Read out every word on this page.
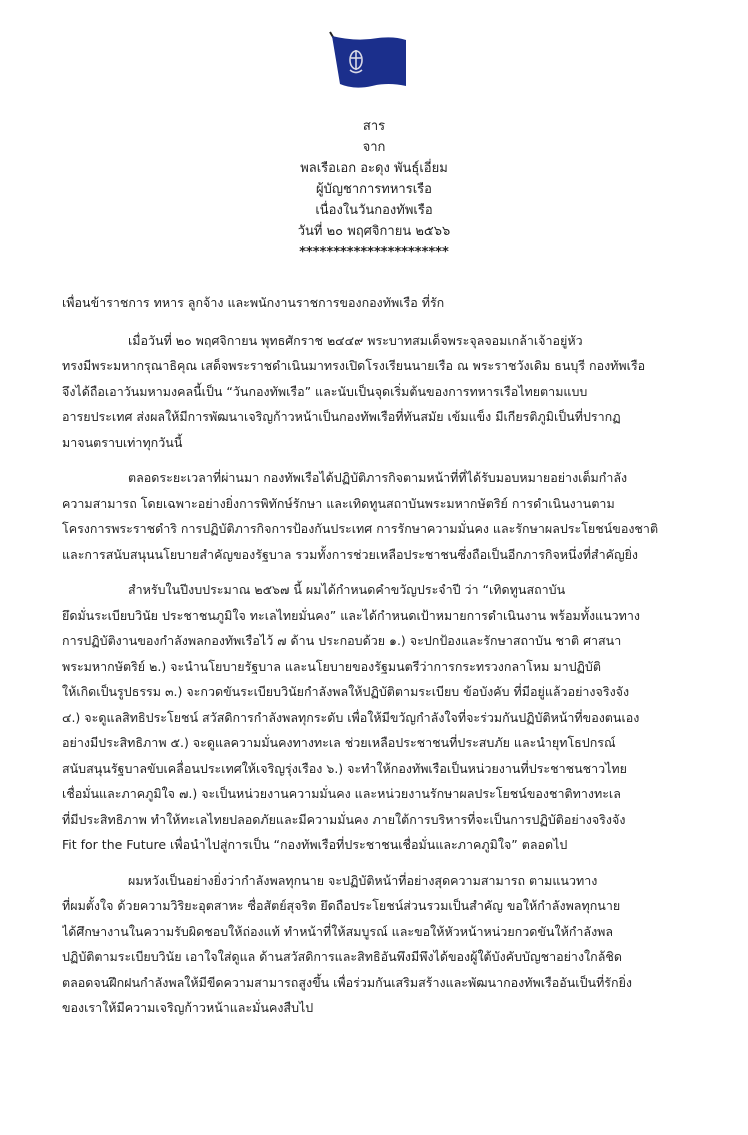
สาร
จาก
พลเรือเอก อะดุง พันธุ์เอี่ยม
ผู้บัญชาการทหารเรือ
เนื่องในวันกองทัพเรือ
วันที่ ๒๐ พฤศจิกายน ๒๕๖๖
**********************
เพื่อนข้าราชการ ทหาร ลูกจ้าง และพนักงานราชการของกองทัพเรือ ที่รัก
เมื่อวันที่ ๒๐ พฤศจิกายน พุทธศักราช ๒๔๔๙ พระบาทสมเด็จพระจุลจอมเกล้าเจ้าอยู่หัว
ทรงมีพระมหากรุณาธิคุณ เสด็จพระราชดำเนินมาทรงเปิดโรงเรียนนายเรือ ณ พระราชวังเดิม ธนบุรี กองทัพเรือ
จึงได้ถือเอาวันมหามงคลนี้เป็น “วันกองทัพเรือ” และนับเป็นจุดเริ่มต้นของการทหารเรือไทยตามแบบ
อารยประเทศ ส่งผลให้มีการพัฒนาเจริญก้าวหน้าเป็นกองทัพเรือที่ทันสมัย เข้มแข็ง มีเกียรติภูมิเป็นที่ปรากฏ
มาจนตราบเท่าทุกวันนี้
ตลอดระยะเวลาที่ผ่านมา กองทัพเรือได้ปฏิบัติภารกิจตามหน้าที่ที่ได้รับมอบหมายอย่างเต็มกำลัง
ความสามารถ โดยเฉพาะอย่างยิ่งการพิทักษ์รักษา และเทิดทูนสถาบันพระมหากษัตริย์ การดำเนินงานตาม
โครงการพระราชดำริ การปฏิบัติภารกิจการป้องกันประเทศ การรักษาความมั่นคง และรักษาผลประโยชน์ของชาติ
และการสนับสนุนนโยบายสำคัญของรัฐบาล รวมทั้งการช่วยเหลือประชาชนซึ่งถือเป็นอีกภารกิจหนึ่งที่สำคัญยิ่ง
สำหรับในปีงบประมาณ ๒๕๖๗ นี้ ผมได้กำหนดคำขวัญประจำปี ว่า “เทิดทูนสถาบัน
ยึดมั่นระเบียบวินัย ประชาชนภูมิใจ ทะเลไทยมั่นคง” และได้กำหนดเป้าหมายการดำเนินงาน พร้อมทั้งแนวทาง
การปฏิบัติงานของกำลังพลกองทัพเรือไว้ ๗ ด้าน ประกอบด้วย ๑.) จะปกป้องและรักษาสถาบัน ชาติ ศาสนา
พระมหากษัตริย์ ๒.) จะนำนโยบายรัฐบาล และนโยบายของรัฐมนตรีว่าการกระทรวงกลาโหม มาปฏิบัติ
ให้เกิดเป็นรูปธรรม ๓.) จะกวดขันระเบียบวินัยกำลังพลให้ปฏิบัติตามระเบียบ ข้อบังคับ ที่มีอยู่แล้วอย่างจริงจัง
๔.) จะดูแลสิทธิประโยชน์ สวัสดิการกำลังพลทุกระดับ เพื่อให้มีขวัญกำลังใจที่จะร่วมกันปฏิบัติหน้าที่ของตนเอง
อย่างมีประสิทธิภาพ ๕.) จะดูแลความมั่นคงทางทะเล ช่วยเหลือประชาชนที่ประสบภัย และนำยุทโธปกรณ์
สนับสนุนรัฐบาลขับเคลื่อนประเทศให้เจริญรุ่งเรือง ๖.) จะทำให้กองทัพเรือเป็นหน่วยงานที่ประชาชนชาวไทย
เชื่อมั่นและภาคภูมิใจ ๗.) จะเป็นหน่วยงานความมั่นคง และหน่วยงานรักษาผลประโยชน์ของชาติทางทะเล
ที่มีประสิทธิภาพ ทำให้ทะเลไทยปลอดภัยและมีความมั่นคง ภายใต้การบริหารที่จะเป็นการปฏิบัติอย่างจริงจัง
Fit for the Future เพื่อนำไปสู่การเป็น “กองทัพเรือที่ประชาชนเชื่อมั่นและภาคภูมิใจ” ตลอดไป
ผมหวังเป็นอย่างยิ่งว่ากำลังพลทุกนาย จะปฏิบัติหน้าที่อย่างสุดความสามารถ ตามแนวทาง
ที่ผมตั้งใจ ด้วยความวิริยะอุตสาหะ ซื่อสัตย์สุจริต ยึดถือประโยชน์ส่วนรวมเป็นสำคัญ ขอให้กำลังพลทุกนาย
ได้ศึกษางานในความรับผิดชอบให้ถ่องแท้ ทำหน้าที่ให้สมบูรณ์ และขอให้หัวหน้าหน่วยกวดขันให้กำลังพล
ปฏิบัติตามระเบียบวินัย เอาใจใส่ดูแล ด้านสวัสดิการและสิทธิอันพึงมีพึงได้ของผู้ใต้บังคับบัญชาอย่างใกล้ชิด
ตลอดจนฝึกฝนกำลังพลให้มีขีดความสามารถสูงขึ้น เพื่อร่วมกันเสริมสร้างและพัฒนากองทัพเรืออันเป็นที่รักยิ่ง
ของเราให้มีความเจริญก้าวหน้าและมั่นคงสืบไป
